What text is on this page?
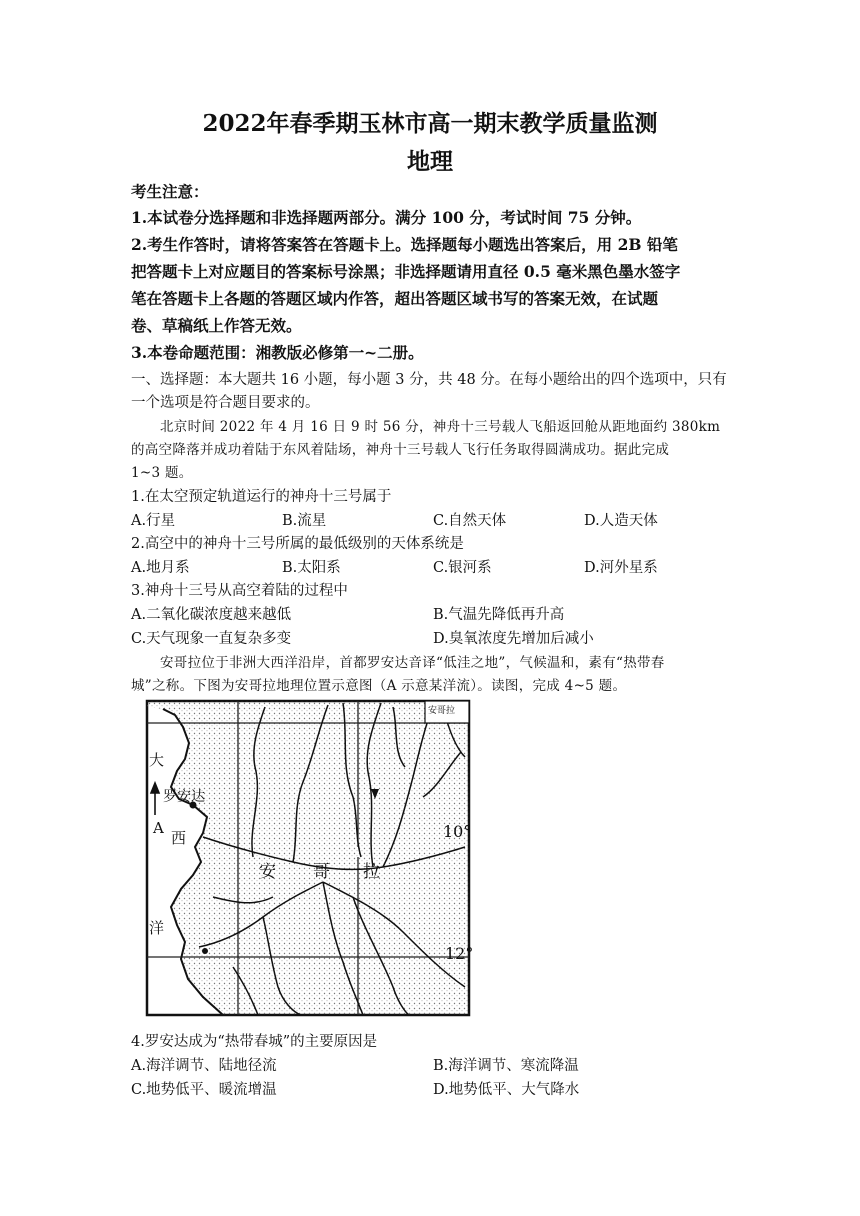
2022年春季期玉林市高一期末教学质量监测
地理
考生注意：
1.本试卷分选择题和非选择题两部分。满分 100 分，考试时间 75 分钟。
2.考生作答时，请将答案答在答题卡上。选择题每小题选出答案后，用 2B 铅笔
把答题卡上对应题目的答案标号涂黑；非选择题请用直径 0.5 毫米黑色墨水签字
笔在答题卡上各题的答题区域内作答，超出答题区域书写的答案无效，在试题
卷、草稿纸上作答无效。
3.本卷命题范围：湘教版必修第一~二册。
一、选择题：本大题共 16 小题，每小题 3 分，共 48 分。在每小题给出的四个选项中，只有
一个选项是符合题目要求的。
北京时间 2022 年 4 月 16 日 9 时 56 分，神舟十三号载人飞船返回舱从距地面约 380km
的高空降落并成功着陆于东风着陆场，神舟十三号载人飞行任务取得圆满成功。据此完成
1~3 题。
1.在太空预定轨道运行的神舟十三号属于
A.行星	B.流星	C.自然天体	D.人造天体
2.高空中的神舟十三号所属的最低级别的天体系统是
A.地月系	B.太阳系	C.银河系	D.河外星系
3.神舟十三号从高空着陆的过程中
A.二氧化碳浓度越来越低	B.气温先降低再升高
C.天气现象一直复杂多变	D.臭氧浓度先增加后减小
安哥拉位于非洲大西洋沿岸，首都罗安达音译“低洼之地”，气候温和，素有“热带春
城”之称。下图为安哥拉地理位置示意图（A 示意某洋流）。读图，完成 4~5 题。
大
西
洋
罗安达
A
安 哥 拉
10°
12°
安哥拉
4.罗安达成为“热带春城”的主要原因是
A.海洋调节、陆地径流	B.海洋调节、寒流降温
C.地势低平、暖流增温	D.地势低平、大气降水
